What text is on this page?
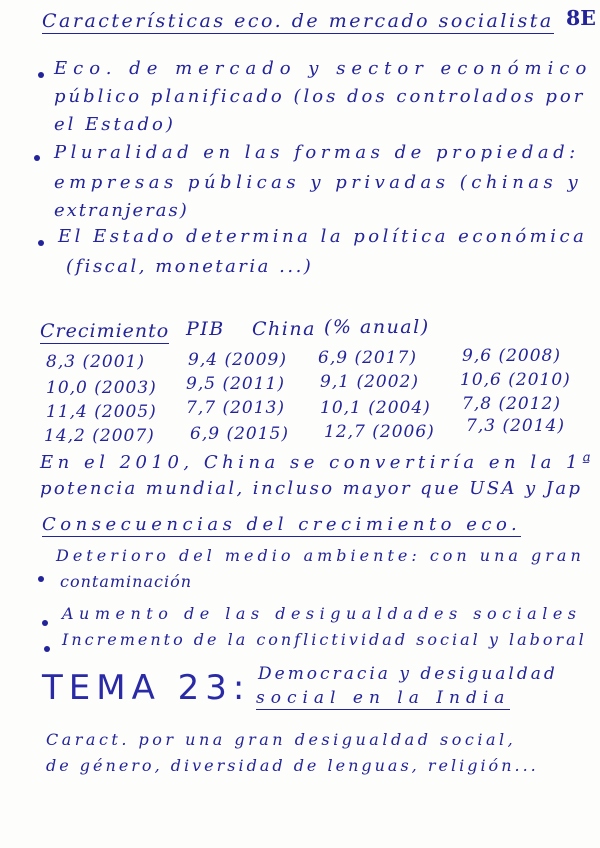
8E
Características eco. de mercado socialista
Eco. de mercado y sector económico
público planificado (los dos controlados por
el Estado)
Pluralidad en las formas de propiedad:
empresas públicas y privadas (chinas y
extranjeras)
El Estado determina la política económica
(fiscal, monetaria ...)
Crecimiento PIB China (% anual)
8,3 (2001)	9,4 (2009) 6,9 (2017)	9,6 (2008)
10,0 (2003) 9,5 (2011) 9,1 (2002) 10,6 (2010)
11,4 (2005) 7,7 (2013) 10,1 (2004) 7,8 (2012)
14,2 (2007) 6,9 (2015) 12,7 (2006) 7,3 (2014)
En el 2010, China se convertiría en la 1ª
potencia mundial, incluso mayor que USA y Jap
Consecuencias del crecimiento eco.
Deterioro del medio ambiente: con una gran
contaminación
Aumento de las desigualdades sociales
Incremento de la conflictividad social y laboral
TEMA 23: Democracia y desigualdad
social en la India
Caract. por una gran desigualdad social,
de género, diversidad de lenguas, religión...
